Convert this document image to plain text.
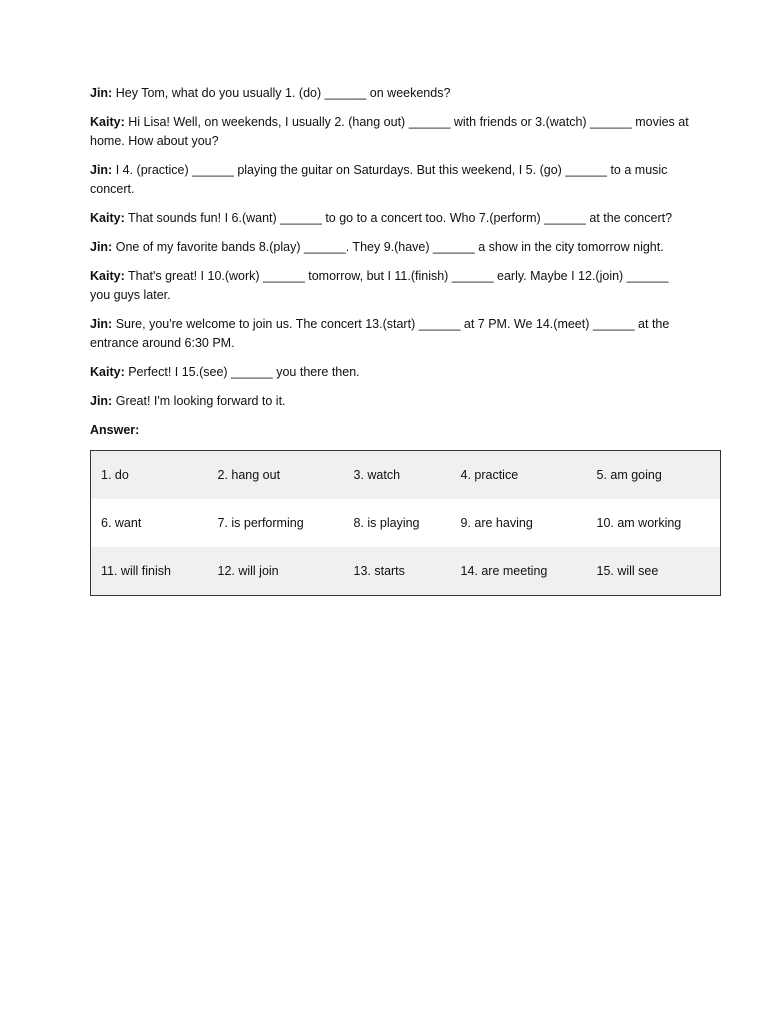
Jin: Hey Tom, what do you usually 1. (do) ______ on weekends?

Kaity: Hi Lisa! Well, on weekends, I usually 2. (hang out) ______ with friends or 3.(watch) ______ movies at home. How about you?

Jin: I 4. (practice) ______ playing the guitar on Saturdays. But this weekend, I 5. (go) ______ to a music concert.

Kaity: That sounds fun! I 6.(want) ______ to go to a concert too. Who 7.(perform) ______ at the concert?

Jin: One of my favorite bands 8.(play) ______. They 9.(have) ______ a show in the city tomorrow night.

Kaity: That's great! I 10.(work) ______ tomorrow, but I 11.(finish) ______ early. Maybe I 12.(join) ______ you guys later.

Jin: Sure, you're welcome to join us. The concert 13.(start) ______ at 7 PM. We 14.(meet) ______ at the entrance around 6:30 PM.

Kaity: Perfect! I 15.(see) ______ you there then.

Jin: Great! I'm looking forward to it.

Answer:

1. do	2. hang out	3. watch	4. practice	5. am going
6. want	7. is performing	8. is playing	9. are having	10. am working
11. will finish	12. will join	13. starts	14. are meeting	15. will see
